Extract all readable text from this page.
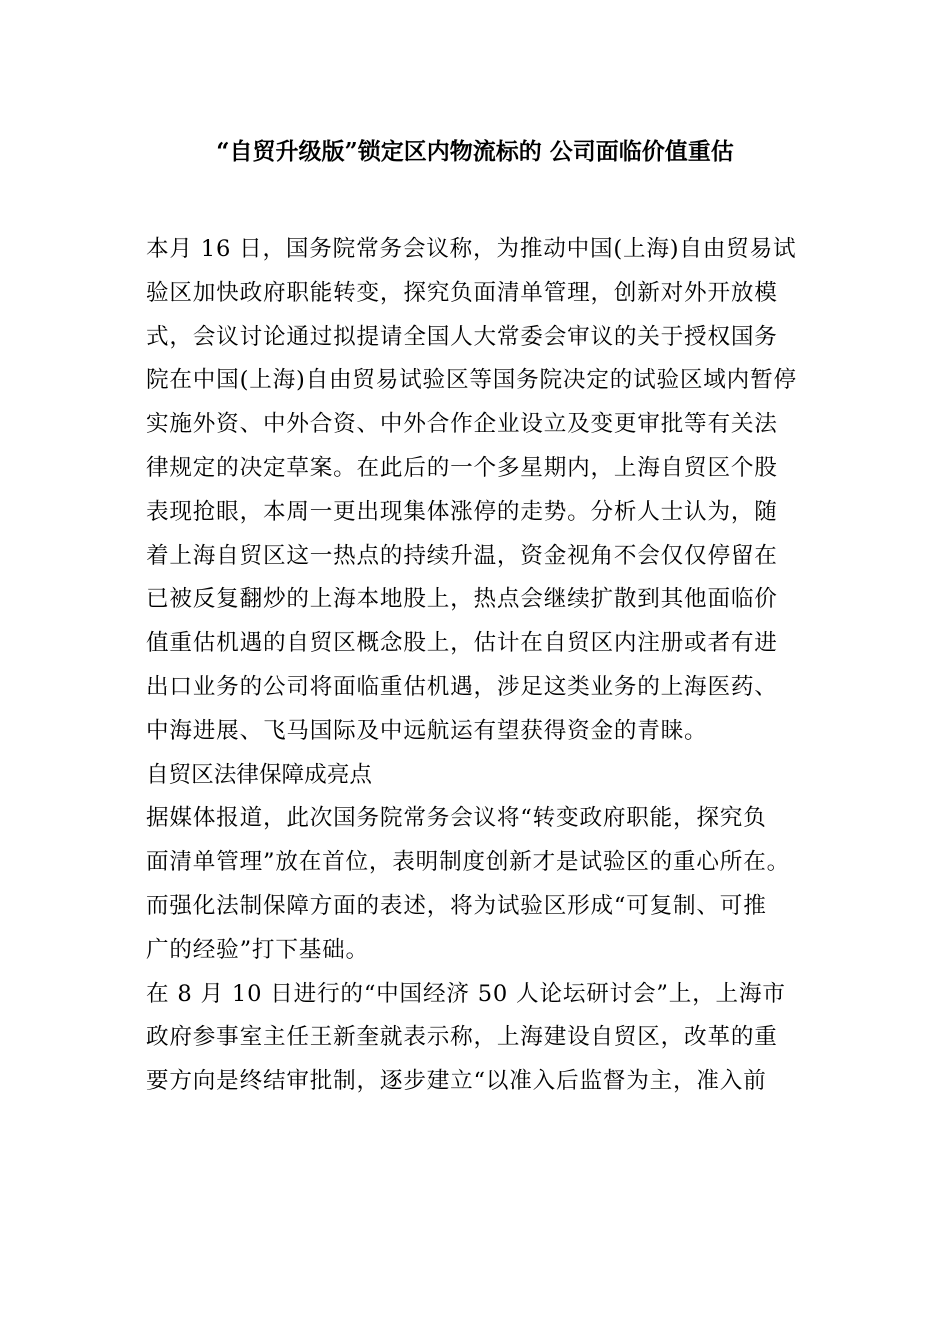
“自贸升级版”锁定区内物流标的 公司面临价值重估
本月 16 日，国务院常务会议称，为推动中国(上海)自由贸易试
验区加快政府职能转变，探究负面清单管理，创新对外开放模
式，会议讨论通过拟提请全国人大常委会审议的关于授权国务
院在中国(上海)自由贸易试验区等国务院决定的试验区域内暂停
实施外资、中外合资、中外合作企业设立及变更审批等有关法
律规定的决定草案。在此后的一个多星期内，上海自贸区个股
表现抢眼，本周一更出现集体涨停的走势。分析人士认为，随
着上海自贸区这一热点的持续升温，资金视角不会仅仅停留在
已被反复翻炒的上海本地股上，热点会继续扩散到其他面临价
值重估机遇的自贸区概念股上，估计在自贸区内注册或者有进
出口业务的公司将面临重估机遇，涉足这类业务的上海医药、
中海进展、飞马国际及中远航运有望获得资金的青睐。
自贸区法律保障成亮点
据媒体报道，此次国务院常务会议将“转变政府职能，探究负
面清单管理”放在首位，表明制度创新才是试验区的重心所在。
而强化法制保障方面的表述，将为试验区形成“可复制、可推
广的经验”打下基础。
在 8 月 10 日进行的“中国经济 50 人论坛研讨会”上，上海市
政府参事室主任王新奎就表示称，上海建设自贸区，改革的重
要方向是终结审批制，逐步建立“以准入后监督为主，准入前
